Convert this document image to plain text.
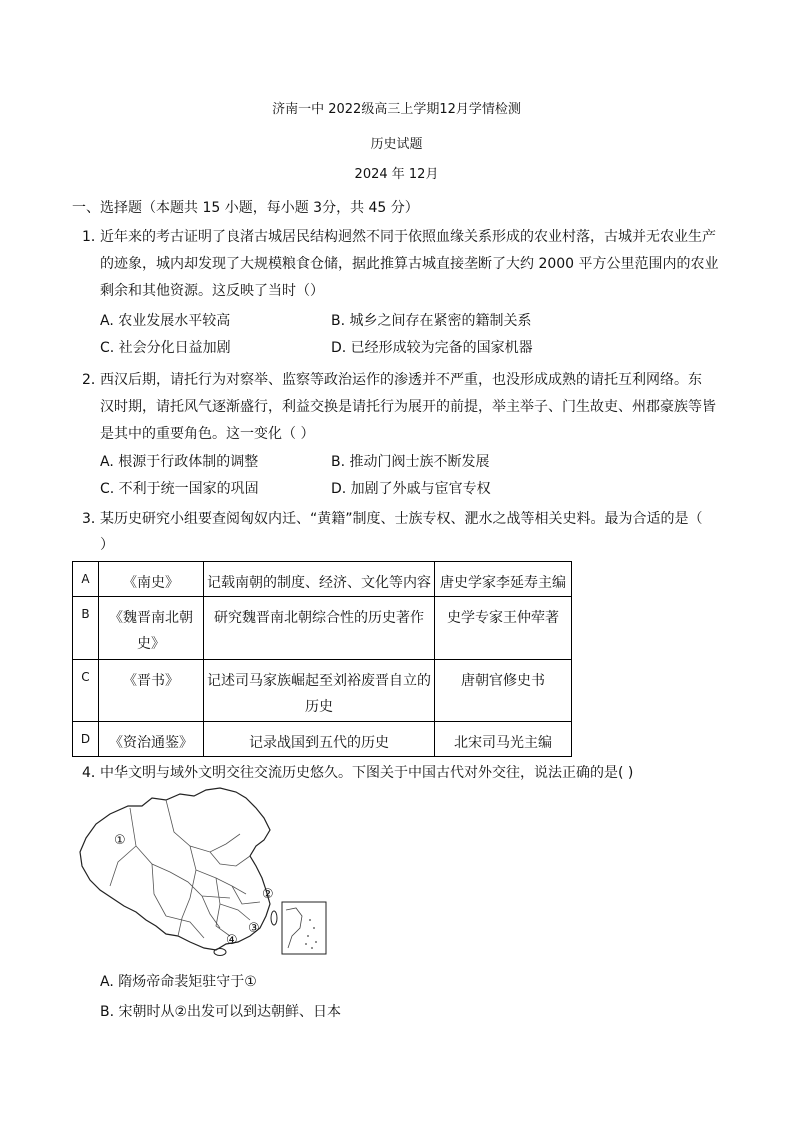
济南一中 2022级高三上学期12月学情检测
历史试题
2024 年 12月
一、选择题（本题共 15 小题，每小题 3分，共 45 分）
1．
近年来的考古证明了良渚古城居民结构迥然不同于依照血缘关系形成的农业村落，古城并无农业生产
的迹象，城内却发现了大规模粮食仓储，据此推算古城直接垄断了大约 2000 平方公里范围内的农业
剩余和其他资源。这反映了当时（）
A. 农业发展水平较高	B. 城乡之间存在紧密的籍制关系
C. 社会分化日益加剧	D. 已经形成较为完备的国家机器
2．
西汉后期，请托行为对察举、监察等政治运作的渗透并不严重，也没形成成熟的请托互利网络。东
汉时期，请托风气逐渐盛行，利益交换是请托行为展开的前提，举主举子、门生故吏、州郡豪族等皆
是其中的重要角色。这一变化（ ）
A. 根源于行政体制的调整	B. 推动门阀士族不断发展
C. 不利于统一国家的巩固	D. 加剧了外戚与宦官专权
3．
某历史研究小组要查阅匈奴内迁、“黄籍”制度、士族专权、淝水之战等相关史料。最为合适的是（
）
A	《南史》	记载南朝的制度、经济、文化等内容	唐史学家李延寿主编
B	《魏晋南北朝史》	研究魏晋南北朝综合性的历史著作	史学专家王仲荦著
C	《晋书》	记述司马家族崛起至刘裕废晋自立的历史	唐朝官修史书
D	《资治通鉴》	记录战国到五代的历史	北宋司马光主编
4．
中华文明与域外文明交往交流历史悠久。下图关于中国古代对外交往，说法正确的是( )
①
②
③
④
A. 隋炀帝命裴矩驻守于①
B. 宋朝时从②出发可以到达朝鲜、日本
